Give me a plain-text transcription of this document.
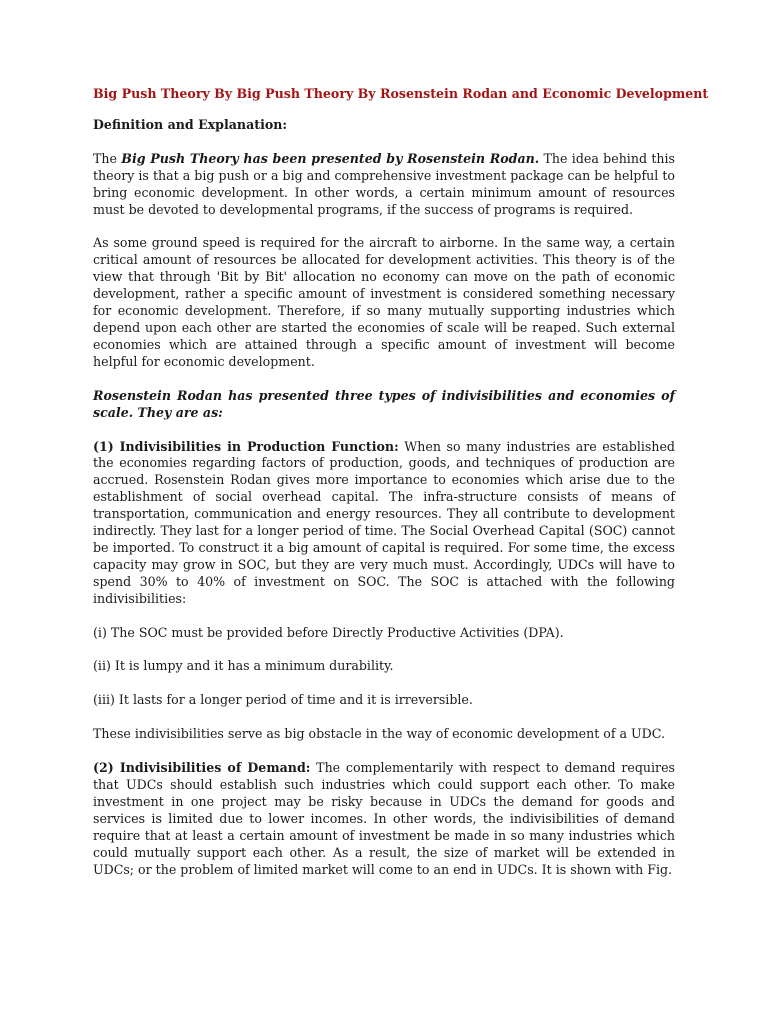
Big Push Theory By Big Push Theory By Rosenstein Rodan and Economic Development
Definition and Explanation:

The Big Push Theory has been presented by Rosenstein Rodan. The idea behind this theory is that a big push or a big and comprehensive investment package can be helpful to bring economic development. In other words, a certain minimum amount of resources must be devoted to developmental programs, if the success of programs is required.

As some ground speed is required for the aircraft to airborne. In the same way, a certain critical amount of resources be allocated for development activities. This theory is of the view that through 'Bit by Bit' allocation no economy can move on the path of economic development, rather a specific amount of investment is considered something necessary for economic development. Therefore, if so many mutually supporting industries which depend upon each other are started the economies of scale will be reaped. Such external economies which are attained through a specific amount of investment will become helpful for economic development.

Rosenstein Rodan has presented three types of indivisibilities and economies of scale. They are as:

(1) Indivisibilities in Production Function: When so many industries are established the economies regarding factors of production, goods, and techniques of production are accrued. Rosenstein Rodan gives more importance to economies which arise due to the establishment of social overhead capital. The infra-structure consists of means of transportation, communication and energy resources. They all contribute to development indirectly. They last for a longer period of time. The Social Overhead Capital (SOC) cannot be imported. To construct it a big amount of capital is required. For some time, the excess capacity may grow in SOC, but they are very much must. Accordingly, UDCs will have to spend 30% to 40% of investment on SOC. The SOC is attached with the following indivisibilities:

(i) The SOC must be provided before Directly Productive Activities (DPA).

(ii) It is lumpy and it has a minimum durability.

(iii) It lasts for a longer period of time and it is irreversible.

These indivisibilities serve as big obstacle in the way of economic development of a UDC.

(2) Indivisibilities of Demand: The complementarily with respect to demand requires that UDCs should establish such industries which could support each other. To make investment in one project may be risky because in UDCs the demand for goods and services is limited due to lower incomes. In other words, the indivisibilities of demand require that at least a certain amount of investment be made in so many industries which could mutually support each other. As a result, the size of market will be extended in UDCs; or the problem of limited market will come to an end in UDCs. It is shown with Fig.
